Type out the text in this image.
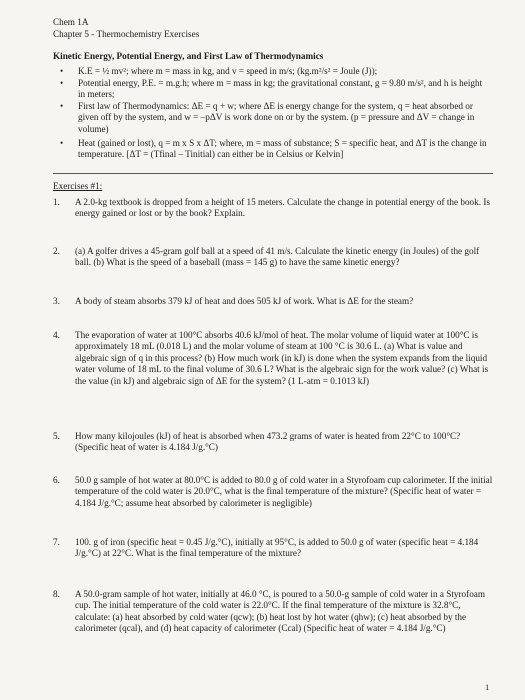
Chem 1A
Chapter 5 - Thermochemistry Exercises
Kinetic Energy, Potential Energy, and First Law of Thermodynamics
•	K.E = ½ mv²; where m = mass in kg, and v = speed in m/s; (kg.m²/s² = Joule (J));
•	Potential energy, P.E. = m.g.h; where m = mass in kg; the gravitational constant, g = 9.80 m/s², and h is height in meters;
•	First law of Thermodynamics: ΔE = q + w; where ΔE is energy change for the system, q = heat absorbed or given off by the system, and w = –pΔV is work done on or by the system. (p = pressure and ΔV = change in volume)
•	Heat (gained or lost), q = m x S x ΔT; where, m = mass of substance; S = specific heat, and ΔT is the change in temperature. [ΔT = (Tfinal – Tinitial) can either be in Celsius or Kelvin]
Exercises #1:
1.	A 2.0-kg textbook is dropped from a height of 15 meters. Calculate the change in potential energy of the book. Is energy gained or lost or by the book? Explain.
2.	(a) A golfer drives a 45-gram golf ball at a speed of 41 m/s. Calculate the kinetic energy (in Joules) of the golf ball. (b) What is the speed of a baseball (mass = 145 g) to have the same kinetic energy?
3.	A body of steam absorbs 379 kJ of heat and does 505 kJ of work. What is ΔE for the steam?
4.	The evaporation of water at 100°C absorbs 40.6 kJ/mol of heat. The molar volume of liquid water at 100°C is approximately 18 mL (0.018 L) and the molar volume of steam at 100 °C is 30.6 L. (a) What is value and algebraic sign of q in this process? (b) How much work (in kJ) is done when the system expands from the liquid water volume of 18 mL to the final volume of 30.6 L? What is the algebraic sign for the work value? (c) What is the value (in kJ) and algebraic sign of ΔE for the system? (1 L-atm = 0.1013 kJ)
5.	How many kilojoules (kJ) of heat is absorbed when 473.2 grams of water is heated from 22°C to 100°C? (Specific heat of water is 4.184 J/g.°C)
6.	50.0 g sample of hot water at 80.0°C is added to 80.0 g of cold water in a Styrofoam cup calorimeter. If the initial temperature of the cold water is 20.0°C, what is the final temperature of the mixture? (Specific heat of water = 4.184 J/g.°C; assume heat absorbed by calorimeter is negligible)
7.	100. g of iron (specific heat = 0.45 J/g.°C), initially at 95°C, is added to 50.0 g of water (specific heat = 4.184 J/g.°C) at 22°C. What is the final temperature of the mixture?
8.	A 50.0-gram sample of hot water, initially at 46.0 °C, is poured to a 50.0-g sample of cold water in a Styrofoam cup. The initial temperature of the cold water is 22.0°C. If the final temperature of the mixture is 32.8°C, calculate: (a) heat absorbed by cold water (qcw); (b) heat lost by hot water (qhw); (c) heat absorbed by the calorimeter (qcal), and (d) heat capacity of calorimeter (Ccal) (Specific heat of water = 4.184 J/g.°C)
1
